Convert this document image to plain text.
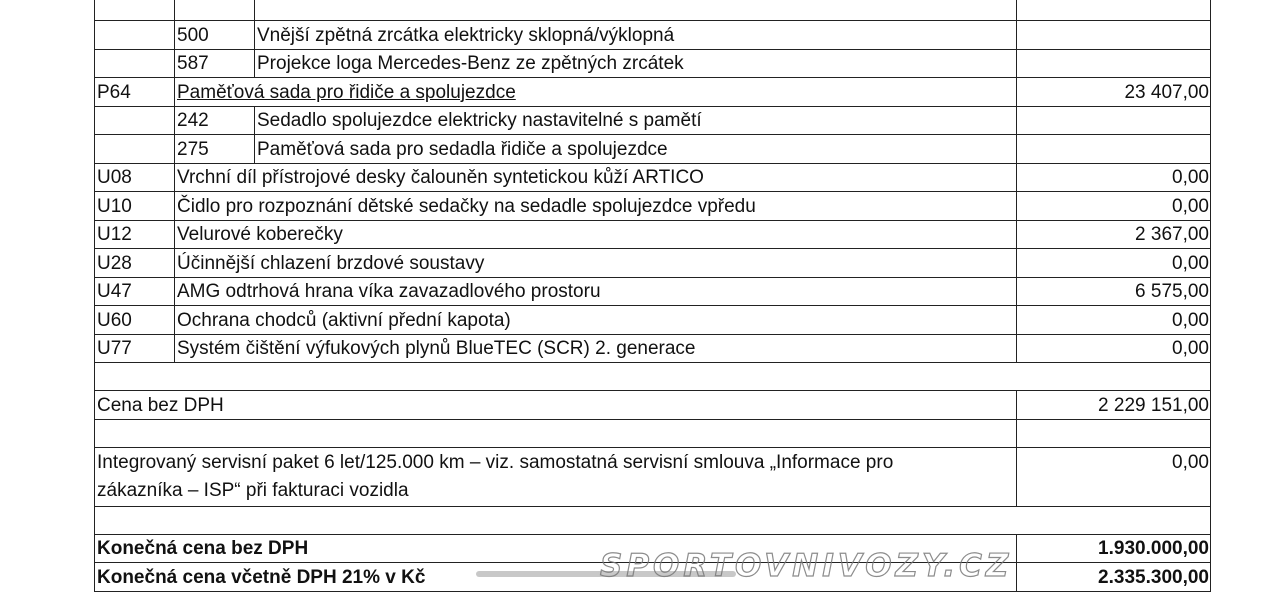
	500	Vnější zpětná zrcátka elektricky sklopná/výklopná	
	587	Projekce loga Mercedes-Benz ze zpětných zrcátek	
P64	Paměťová sada pro řidiče a spolujezdce		23 407,00
	242	Sedadlo spolujezdce elektricky nastavitelné s pamětí	
	275	Paměťová sada pro sedadla řidiče a spolujezdce	
U08	Vrchní díl přístrojové desky čalouněn syntetickou kůží ARTICO		0,00
U10	Čidlo pro rozpoznání dětské sedačky na sedadle spolujezdce vpředu		0,00
U12	Velurové koberečky		2 367,00
U28	Účinnější chlazení brzdové soustavy		0,00
U47	AMG odtrhová hrana víka zavazadlového prostoru		6 575,00
U60	Ochrana chodců (aktivní přední kapota)		0,00
U77	Systém čištění výfukových plynů BlueTEC (SCR) 2. generace		0,00

Cena bez DPH			2 229 151,00

Integrovaný servisní paket 6 let/125.000 km – viz. samostatná servisní smlouva „Informace pro
zákazníka – ISP“ při fakturaci vozidla			0,00

Konečná cena bez DPH			1.930.000,00
Konečná cena včetně DPH 21% v Kč			2.335.300,00
SPORTOVNIVOZY.CZ
